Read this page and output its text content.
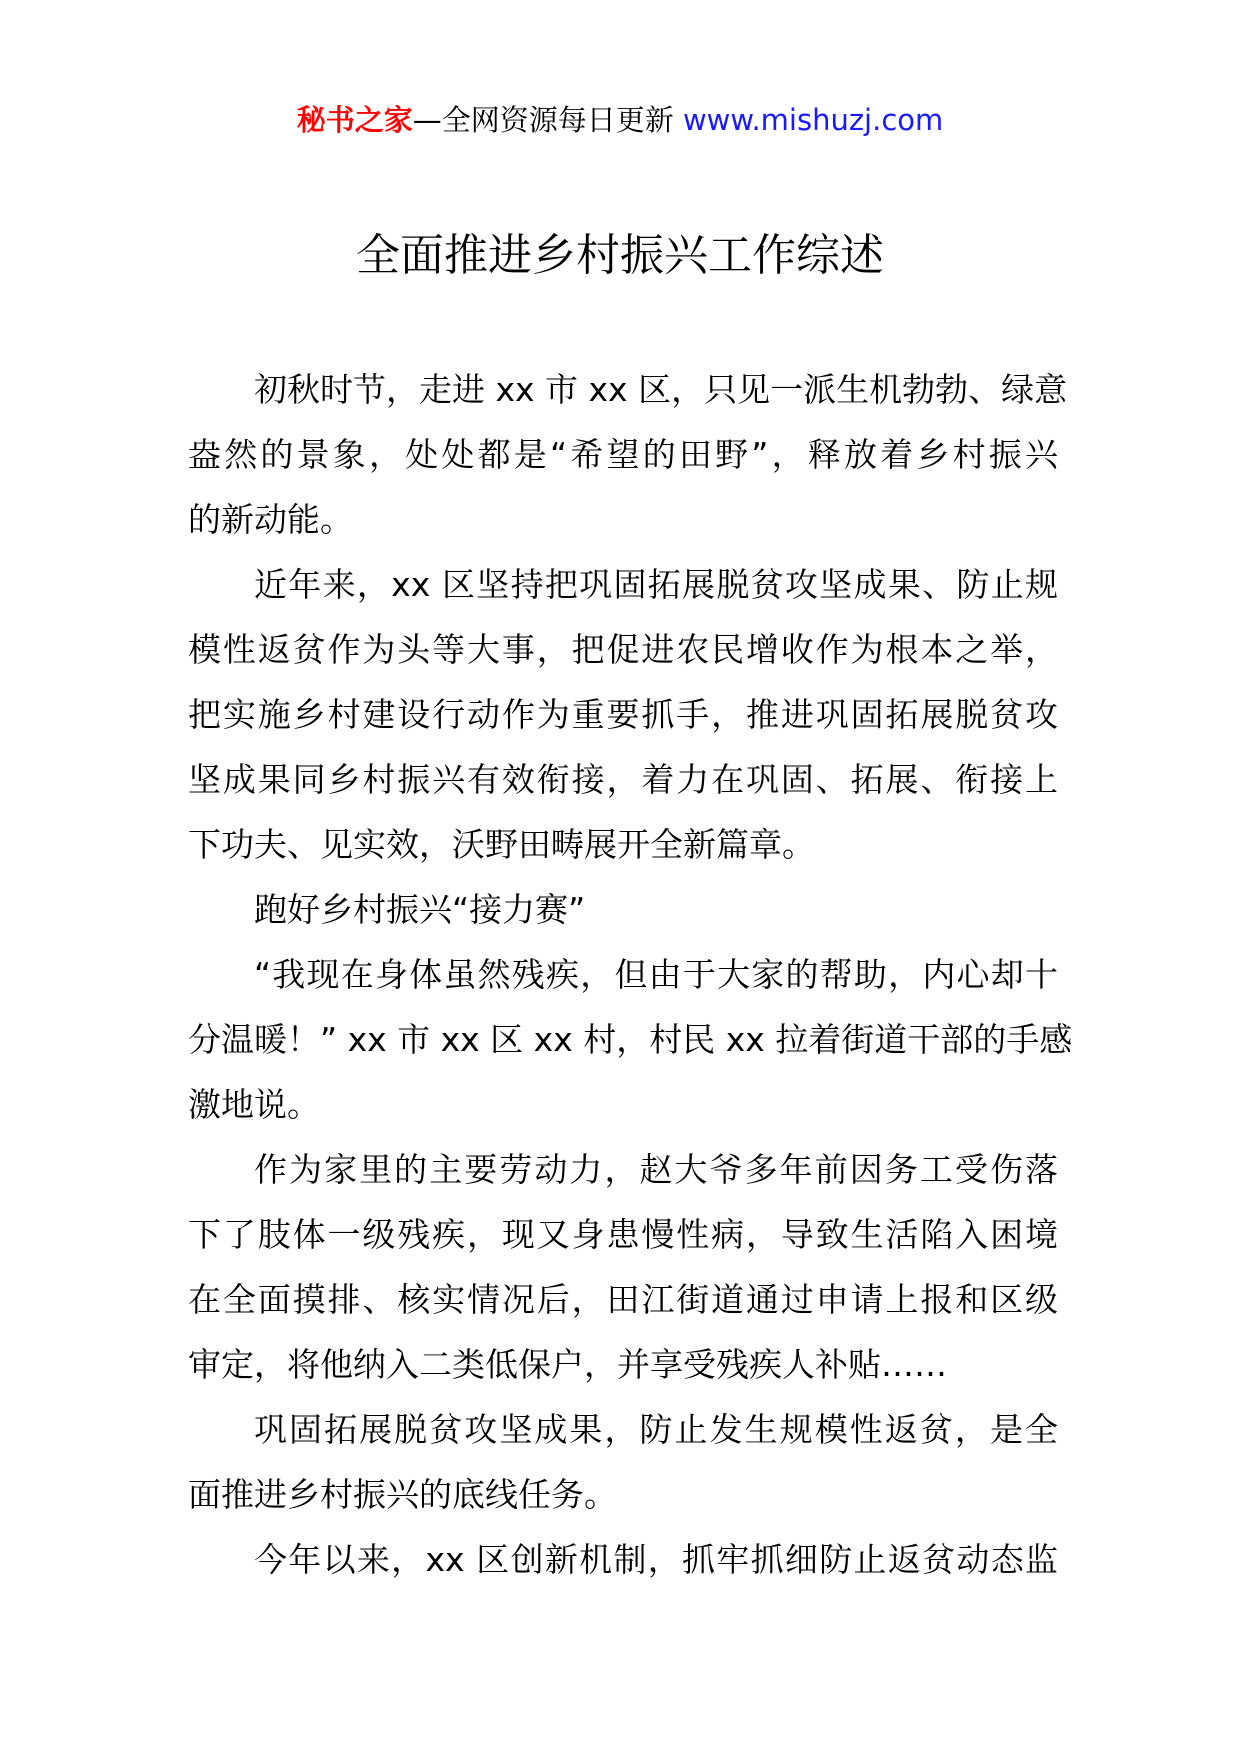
秘书之家—全网资源每日更新 www.mishuzj.com
全面推进乡村振兴工作综述
初秋时节，走进 xx 市 xx 区，只见一派生机勃勃、绿意
盎然的景象，处处都是“希望的田野”，释放着乡村振兴
的新动能。
近年来，xx 区坚持把巩固拓展脱贫攻坚成果、防止规
模性返贫作为头等大事，把促进农民增收作为根本之举，
把实施乡村建设行动作为重要抓手，推进巩固拓展脱贫攻
坚成果同乡村振兴有效衔接，着力在巩固、拓展、衔接上
下功夫、见实效，沃野田畴展开全新篇章。
跑好乡村振兴“接力赛”
“我现在身体虽然残疾，但由于大家的帮助，内心却十
分温暖！” xx 市 xx 区 xx 村，村民 xx 拉着街道干部的手感
激地说。
作为家里的主要劳动力，赵大爷多年前因务工受伤落
下了肢体一级残疾，现又身患慢性病，导致生活陷入困境
在全面摸排、核实情况后，田江街道通过申请上报和区级
审定，将他纳入二类低保户，并享受残疾人补贴……
巩固拓展脱贫攻坚成果，防止发生规模性返贫，是全
面推进乡村振兴的底线任务。
今年以来，xx 区创新机制，抓牢抓细防止返贫动态监
